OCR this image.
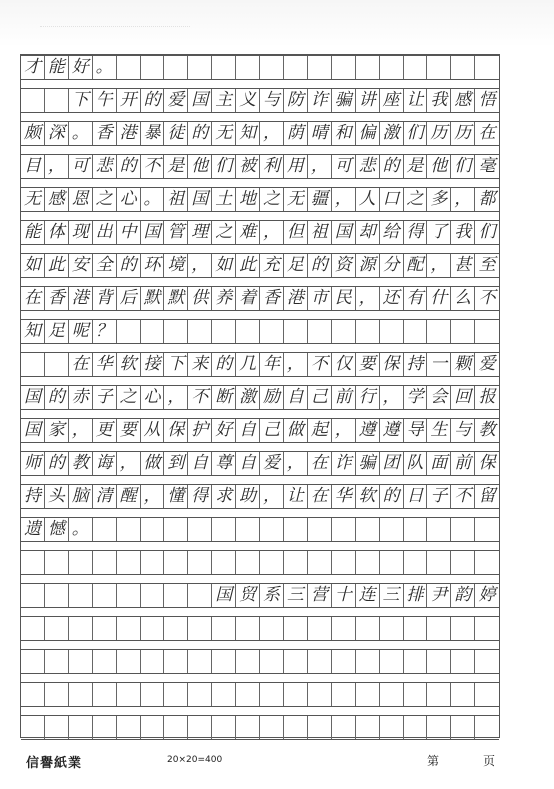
才 能 好 。
下 午 开 的 爱 国 主 义 与 防 诈 骗 讲 座 让 我 感 悟
颇 深 。 香 港 暴 徒 的 无 知 ， 荫 晴 和 偏 激 们 历 历 在
目 ， 可 悲 的 不 是 他 们 被 利 用 ， 可 悲 的 是 他 们 毫
无 感 恩 之 心 。 祖 国 土 地 之 无 疆 ， 人 口 之 多 ， 都
能 体 现 出 中 国 管 理 之 难 ， 但 祖 国 却 给 得 了 我 们
如 此 安 全 的 环 境 ， 如 此 充 足 的 资 源 分 配 ， 甚 至
在 香 港 背 后 默 默 供 养 着 香 港 市 民 ， 还 有 什 么 不
知 足 呢 ？
在 华 软 接 下 来 的 几 年 ， 不 仅 要 保 持 一 颗 爱
国 的 赤 子 之 心 ， 不 断 激 励 自 己 前 行 ， 学 会 回 报
国 家 ， 更 要 从 保 护 好 自 己 做 起 ， 遵 遵 导 生 与 教
师 的 教 诲 ， 做 到 自 尊 自 爱 ， 在 诈 骗 团 队 面 前 保
持 头 脑 清 醒 ， 懂 得 求 助 ， 让 在 华 软 的 日 子 不 留
遗 憾 。
国 贸 系 三 营 十 连 三 排 尹 韵 婷
信譽紙業	20×20=400	第	页
